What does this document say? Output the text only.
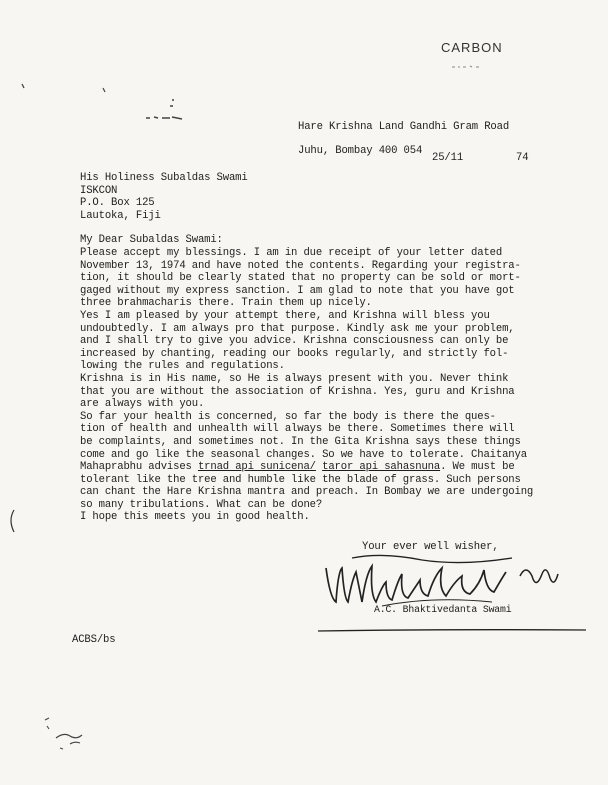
CARBON
Hare Krishna Land Gandhi Gram Road
Juhu, Bombay 400 054
25/11	74
His Holiness Subaldas Swami
ISKCON
P.O. Box 125
Lautoka, Fiji
My Dear Subaldas Swami:
Please accept my blessings. I am in due receipt of your letter dated
November 13, 1974 and have noted the contents. Regarding your registra-
tion, it should be clearly stated that no property can be sold or mort-
gaged without my express sanction. I am glad to note that you have got
three brahmacharis there. Train them up nicely.
Yes I am pleased by your attempt there, and Krishna will bless you
undoubtedly. I am always pro that purpose. Kindly ask me your problem,
and I shall try to give you advice. Krishna consciousness can only be
increased by chanting, reading our books regularly, and strictly fol-
lowing the rules and regulations.
Krishna is in His name, so He is always present with you. Never think
that you are without the association of Krishna. Yes, guru and Krishna
are always with you.
So far your health is concerned, so far the body is there the ques-
tion of health and unhealth will always be there. Sometimes there will
be complaints, and sometimes not. In the Gita Krishna says these things
come and go like the seasonal changes. So we have to tolerate. Chaitanya
Mahaprabhu advises trnad api sunicena/ taror api sahasnuna. We must be
tolerant like the tree and humble like the blade of grass. Such persons
can chant the Hare Krishna mantra and preach. In Bombay we are undergoing
so many tribulations. What can be done?
I hope this meets you in good health.
Your ever well wisher,
A.C. Bhaktivedanta Swami
ACBS/bs
